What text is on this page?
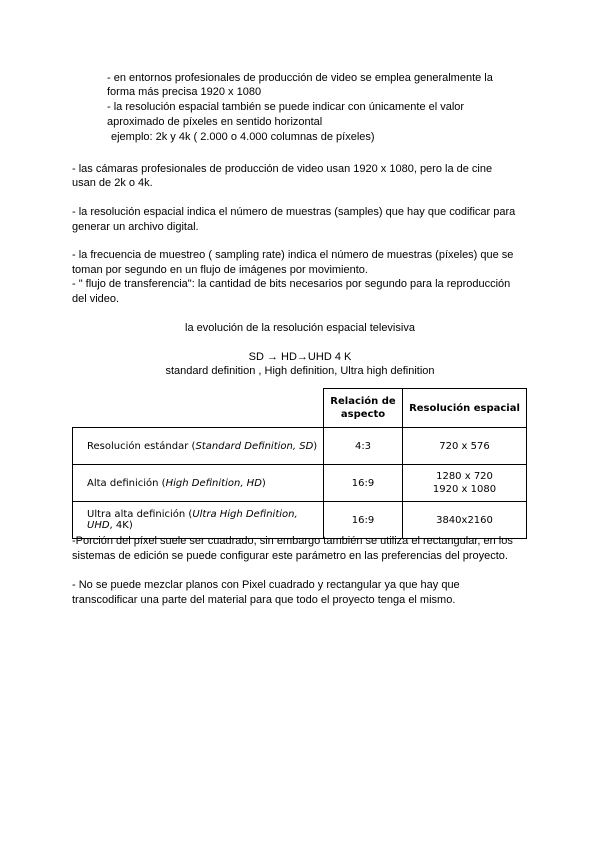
- en entornos profesionales de producción de video se emplea generalmente la
forma más precisa 1920 x 1080
- la resolución espacial también se puede indicar con únicamente el valor
aproximado de píxeles en sentido horizontal
ejemplo: 2k y 4k ( 2.000 o 4.000 columnas de píxeles)
- las cámaras profesionales de producción de video usan 1920 x 1080, pero la de cine
usan de 2k o 4k.
- la resolución espacial indica el número de muestras (samples) que hay que codificar para
generar un archivo digital.
- la frecuencia de muestreo ( sampling rate) indica el número de muestras (píxeles) que se
toman por segundo en un flujo de imágenes por movimiento.
- " flujo de transferencia": la cantidad de bits necesarios por segundo para la reproducción
del video.
la evolución de la resolución espacial televisiva
SD → HD→UHD 4 K
standard definition , High definition, Ultra high definition

	Relación de
aspecto	Resolución espacial
Resolución estándar (Standard Definition, SD)	4:3	720 x 576
Alta definición (High Definition, HD)	16:9	1280 x 720
1920 x 1080

Ultra alta definición (Ultra High Definition, UHD, 4K)	16:9	3840x2160
-Porción del píxel suele ser cuadrado, sin embargo también se utiliza el rectangular, en los
sistemas de edición se puede configurar este parámetro en las preferencias del proyecto.
- No se puede mezclar planos con Pixel cuadrado y rectangular ya que hay que
transcodificar una parte del material para que todo el proyecto tenga el mismo.
